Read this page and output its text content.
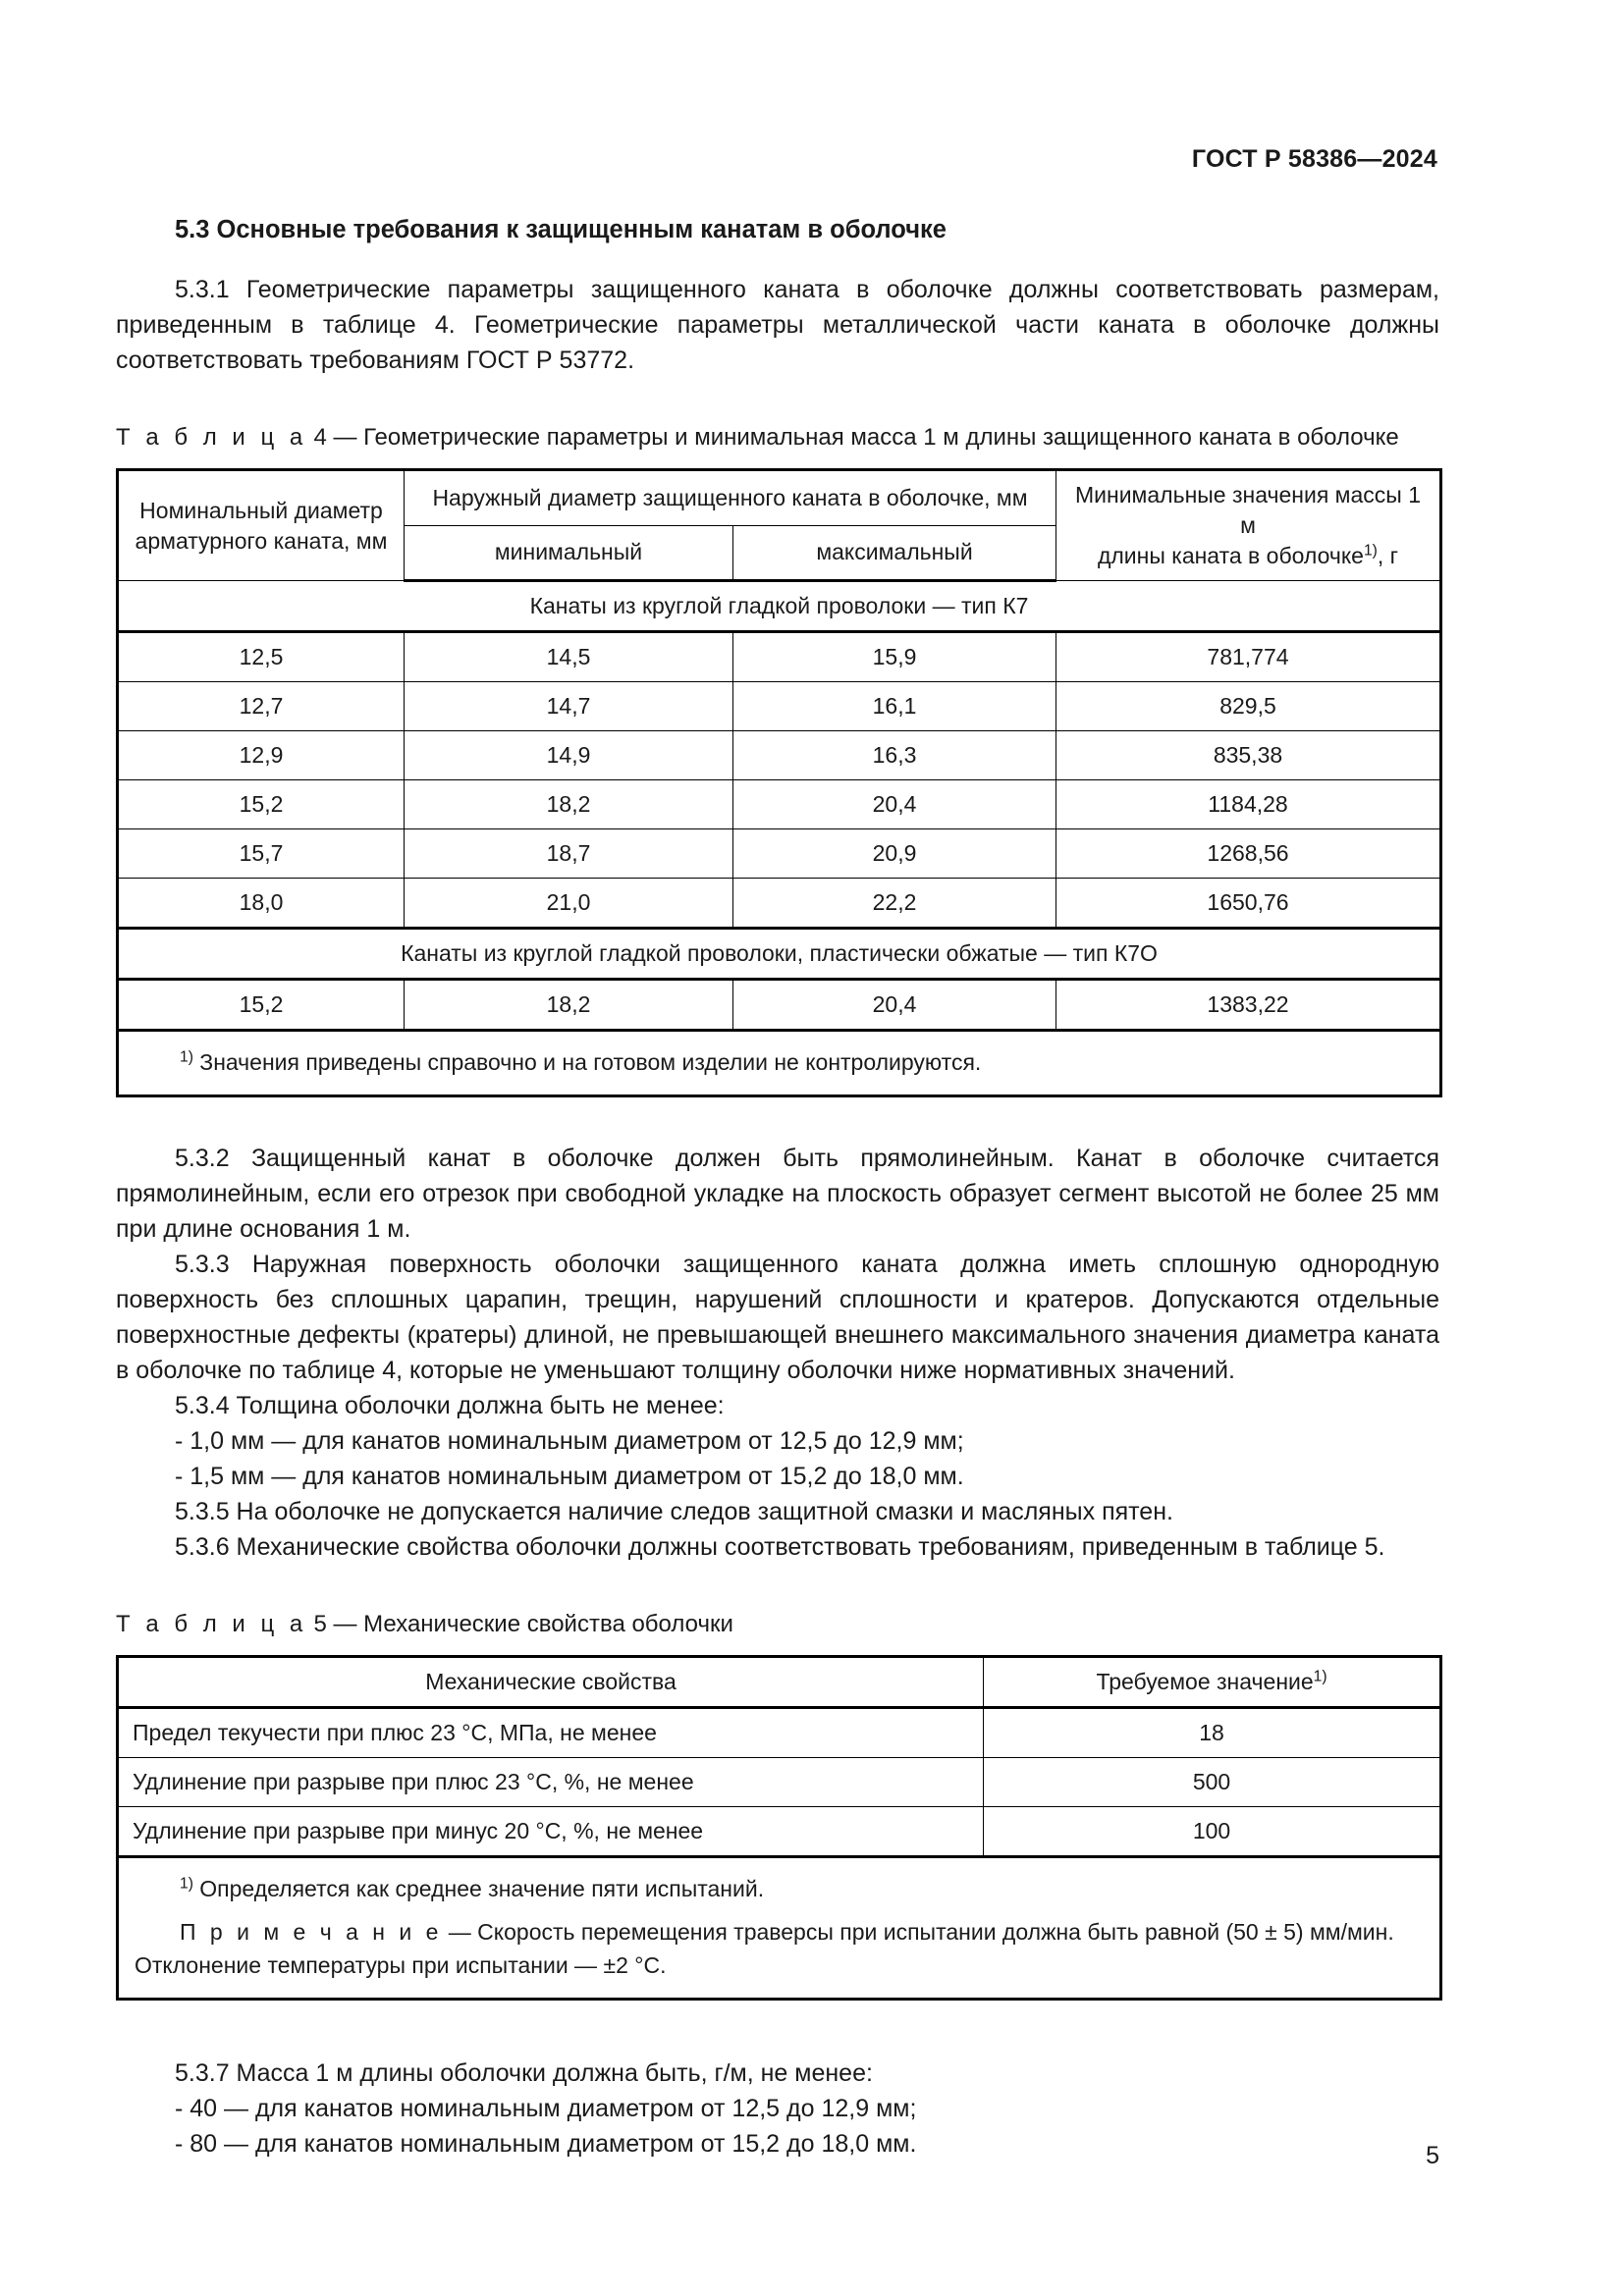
ГОСТ Р 58386—2024
5.3 Основные требования к защищенным канатам в оболочке

5.3.1 Геометрические параметры защищенного каната в оболочке должны соответствовать размерам, приведенным в таблице 4. Геометрические параметры металлической части каната в оболочке должны соответствовать требованиям ГОСТ Р 53772.

Т а б л и ц а 4 — Геометрические параметры и минимальная масса 1 м длины защищенного каната в оболочке
Номинальный диаметр арматурного каната, мм	Наружный диаметр защищенного каната в оболочке, мм		Минимальные значения массы 1 м
длины каната в оболочке$^{1)}$, г
	минимальный	максимальный	
Канаты из круглой гладкой проволоки — тип К7			
12,5	14,5	15,9	781,774
12,7	14,7	16,1	829,5
12,9	14,9	16,3	835,38
15,2	18,2	20,4	1184,28
15,7	18,7	20,9	1268,56
18,0	21,0	22,2	1650,76
Канаты из круглой гладкой проволоки, пластически обжатые — тип К7О			
15,2	18,2	20,4	1383,22
$^{1)}$ Значения приведены справочно и на готовом изделии не контролируются.			

5.3.2 Защищенный канат в оболочке должен быть прямолинейным. Канат в оболочке считается прямолинейным, если его отрезок при свободной укладке на плоскость образует сегмент высотой не более 25 мм при длине основания 1 м.

5.3.3 Наружная поверхность оболочки защищенного каната должна иметь сплошную однородную поверхность без сплошных царапин, трещин, нарушений сплошности и кратеров. Допускаются отдельные поверхностные дефекты (кратеры) длиной, не превышающей внешнего максимального значения диаметра каната в оболочке по таблице 4, которые не уменьшают толщину оболочки ниже нормативных значений.

5.3.4 Толщина оболочки должна быть не менее:

- 1,0 мм — для канатов номинальным диаметром от 12,5 до 12,9 мм;

- 1,5 мм — для канатов номинальным диаметром от 15,2 до 18,0 мм.

5.3.5 На оболочке не допускается наличие следов защитной смазки и масляных пятен.

5.3.6 Механические свойства оболочки должны соответствовать требованиям, приведенным в таблице 5.

Т а б л и ц а 5 — Механические свойства оболочки
Механические свойства	Требуемое значение$^{1)}$
Предел текучести при плюс 23 °С, МПа, не менее	18
Удлинение при разрыве при плюс 23 °С, %, не менее	500
Удлинение при разрыве при минус 20 °С, %, не менее	100

$^{1)}$ Определяется как среднее значение пяти испытаний.
П р и м е ч а н и е — Скорость перемещения траверсы при испытании должна быть равной (50 ± 5) мм/мин. Отклонение температуры при испытании — ±2 °С.	

5.3.7 Масса 1 м длины оболочки должна быть, г/м, не менее:

- 40 — для канатов номинальным диаметром от 12,5 до 12,9 мм;

- 80 — для канатов номинальным диаметром от 15,2 до 18,0 мм.	5
